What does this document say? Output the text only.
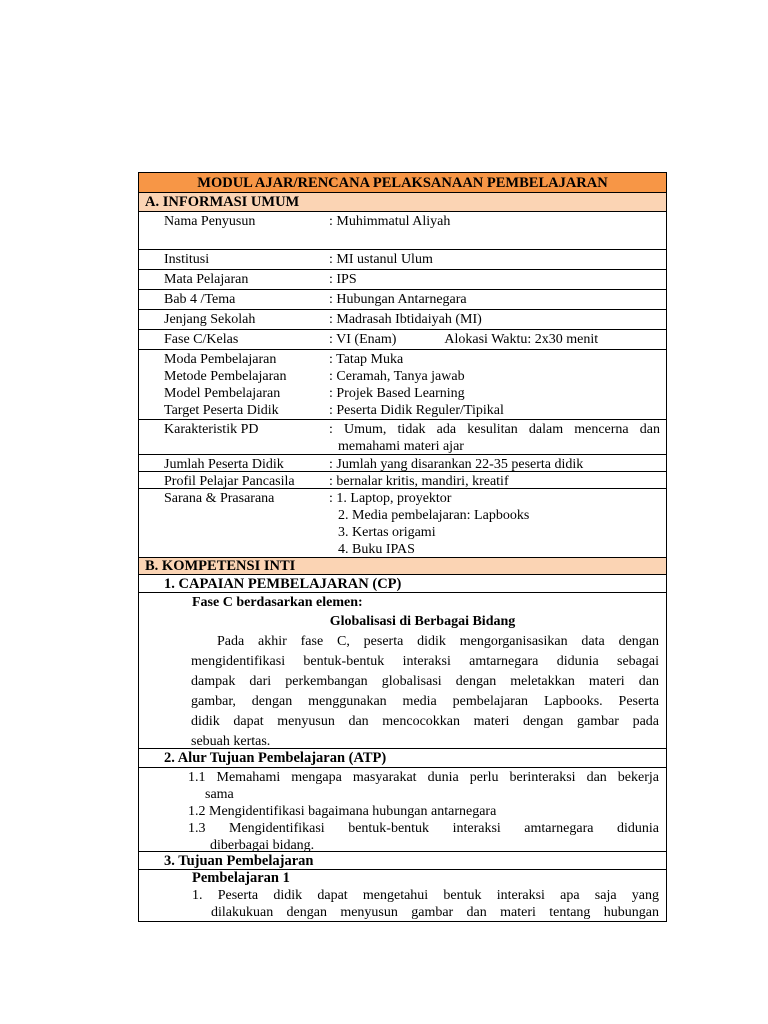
MODUL AJAR/RENCANA PELAKSANAAN PEMBELAJARAN
A. INFORMASI UMUM
Nama Penyusun	: Muhimmatul Aliyah
Institusi	: MI ustanul Ulum
Mata Pelajaran	: IPS
Bab 4 /Tema	: Hubungan Antarnegara
Jenjang Sekolah	: Madrasah Ibtidaiyah (MI)
Fase C/Kelas	: VI (Enam)	Alokasi Waktu: 2x30 menit
Moda Pembelajaran	: Tatap Muka
Metode Pembelajaran	: Ceramah, Tanya jawab
Model Pembelajaran	: Projek Based Learning
Target Peserta Didik	: Peserta Didik Reguler/Tipikal
Karakteristik PD	: Umum, tidak ada kesulitan dalam mencerna dan
memahami materi ajar
Jumlah Peserta Didik	: Jumlah yang disarankan 22-35 peserta didik
Profil Pelajar Pancasila : bernalar kritis, mandiri, kreatif
Sarana & Prasarana	: 1. Laptop, proyektor
2. Media pembelajaran: Lapbooks
3. Kertas origami
4. Buku IPAS
B. KOMPETENSI INTI
1. CAPAIAN PEMBELAJARAN (CP)
Fase C berdasarkan elemen:
Globalisasi di Berbagai Bidang
Pada akhir fase C, peserta didik mengorganisasikan data dengan
mengidentifikasi bentuk-bentuk interaksi amtarnegara didunia sebagai
dampak dari perkembangan globalisasi dengan meletakkan materi dan
gambar, dengan menggunakan media pembelajaran Lapbooks. Peserta
didik dapat menyusun dan mencocokkan materi dengan gambar pada
sebuah kertas.
2. Alur Tujuan Pembelajaran (ATP)
1.1 Memahami mengapa masyarakat dunia perlu berinteraksi dan bekerja
sama
1.2 Mengidentifikasi bagaimana hubungan antarnegara
1.3 Mengidentifikasi bentuk-bentuk interaksi amtarnegara didunia
diberbagai bidang.
3. Tujuan Pembelajaran
Pembelajaran 1
1. Peserta didik dapat mengetahui bentuk interaksi apa saja yang
dilakukuan dengan menyusun gambar dan materi tentang hubungan
